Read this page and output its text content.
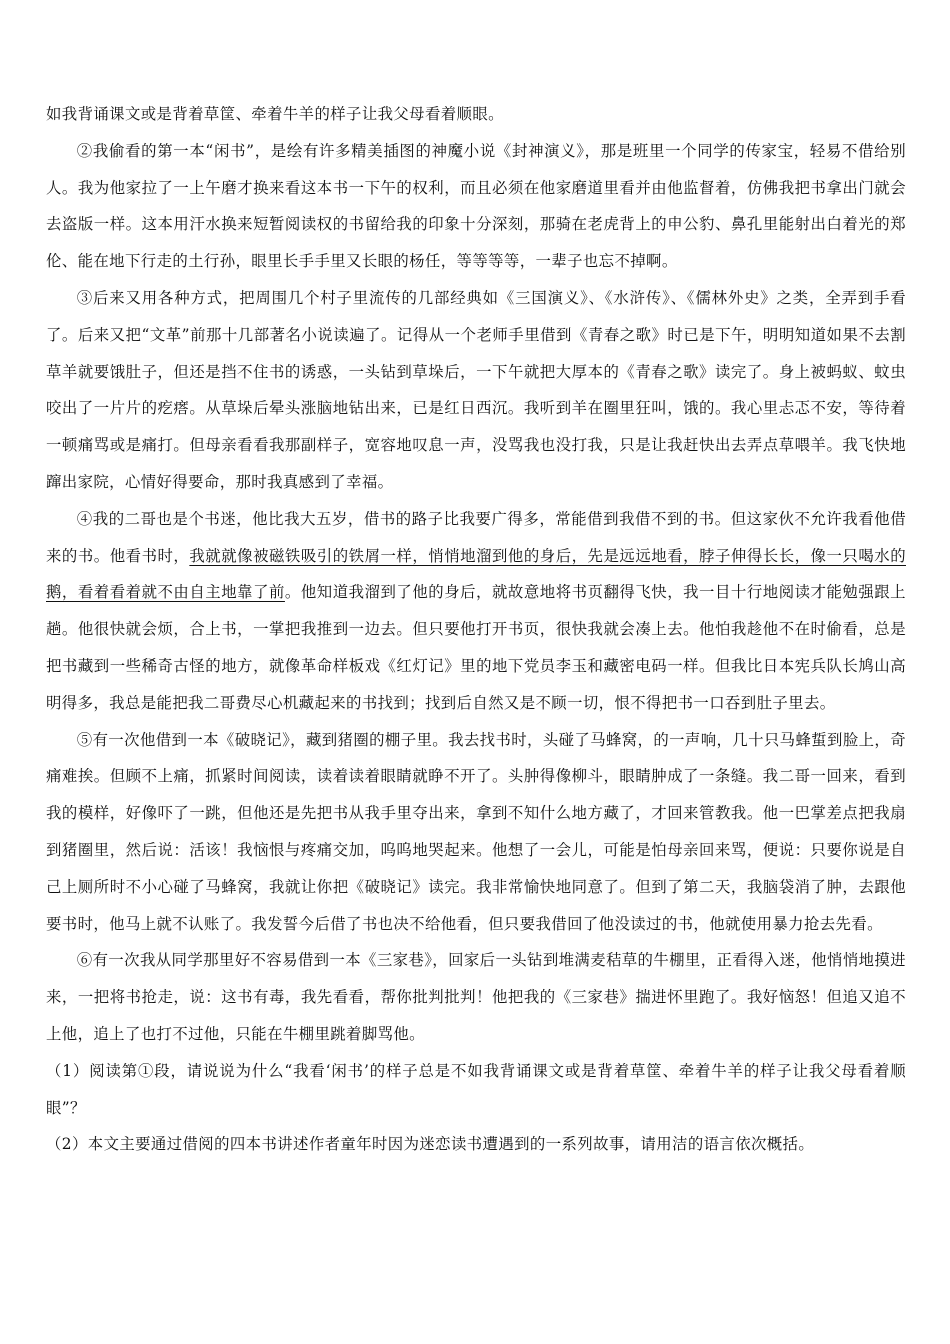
如我背诵课文或是背着草筐、牵着牛羊的样子让我父母看着顺眼。

②我偷看的第一本“闲书”，是绘有许多精美插图的神魔小说《封神演义》，那是班里一个同学的传家宝，轻易不借给别人。我为他家拉了一上午磨才换来看这本书一下午的权利，而且必须在他家磨道里看并由他监督着，仿佛我把书拿出门就会去盗版一样。这本用汗水换来短暂阅读权的书留给我的印象十分深刻，那骑在老虎背上的申公豹、鼻孔里能射出白着光的郑伦、能在地下行走的土行孙，眼里长手手里又长眼的杨任，等等等等，一辈子也忘不掉啊。

③后来又用各种方式，把周围几个村子里流传的几部经典如《三国演义》、《水浒传》、《儒林外史》之类，全弄到手看了。后来又把“文革”前那十几部著名小说读遍了。记得从一个老师手里借到《青春之歌》时已是下午，明明知道如果不去割草羊就要饿肚子，但还是挡不住书的诱惑，一头钻到草垛后，一下午就把大厚本的《青春之歌》读完了。身上被蚂蚁、蚊虫咬出了一片片的疙瘩。从草垛后晕头涨脑地钻出来，已是红日西沉。我听到羊在圈里狂叫，饿的。我心里忐忑不安，等待着一顿痛骂或是痛打。但母亲看看我那副样子，宽容地叹息一声，没骂我也没打我，只是让我赶快出去弄点草喂羊。我飞快地蹿出家院，心情好得要命，那时我真感到了幸福。

④我的二哥也是个书迷，他比我大五岁，借书的路子比我要广得多，常能借到我借不到的书。但这家伙不允许我看他借来的书。他看书时，我就就像被磁铁吸引的铁屑一样，悄悄地溜到他的身后，先是远远地看，脖子伸得长长，像一只喝水的鹅，看着看着就不由自主地靠了前。他知道我溜到了他的身后，就故意地将书页翻得飞快，我一目十行地阅读才能勉强跟上趟。他很快就会烦，合上书，一掌把我推到一边去。但只要他打开书页，很快我就会凑上去。他怕我趁他不在时偷看，总是把书藏到一些稀奇古怪的地方，就像革命样板戏《红灯记》里的地下党员李玉和藏密电码一样。但我比日本宪兵队长鸠山高明得多，我总是能把我二哥费尽心机藏起来的书找到；找到后自然又是不顾一切，恨不得把书一口吞到肚子里去。

⑤有一次他借到一本《破晓记》，藏到猪圈的棚子里。我去找书时，头碰了马蜂窝，的一声响，几十只马蜂蜇到脸上，奇痛难挨。但顾不上痛，抓紧时间阅读，读着读着眼睛就睁不开了。头肿得像柳斗，眼睛肿成了一条缝。我二哥一回来，看到我的模样，好像吓了一跳，但他还是先把书从我手里夺出来，拿到不知什么地方藏了，才回来管教我。他一巴掌差点把我扇到猪圈里，然后说：活该！我恼恨与疼痛交加，呜呜地哭起来。他想了一会儿，可能是怕母亲回来骂，便说：只要你说是自己上厕所时不小心碰了马蜂窝，我就让你把《破晓记》读完。我非常愉快地同意了。但到了第二天，我脑袋消了肿，去跟他要书时，他马上就不认账了。我发誓今后借了书也决不给他看，但只要我借回了他没读过的书，他就使用暴力抢去先看。

⑥有一次我从同学那里好不容易借到一本《三家巷》，回家后一头钻到堆满麦秸草的牛棚里，正看得入迷，他悄悄地摸进来，一把将书抢走，说：这书有毒，我先看看，帮你批判批判！他把我的《三家巷》揣进怀里跑了。我好恼怒！但追又追不上他，追上了也打不过他，只能在牛棚里跳着脚骂他。

（1）阅读第①段，请说说为什么“我看‘闲书’的样子总是不如我背诵课文或是背着草筐、牵着牛羊的样子让我父母看着顺眼”？

（2）本文主要通过借阅的四本书讲述作者童年时因为迷恋读书遭遇到的一系列故事，请用洁的语言依次概括。
